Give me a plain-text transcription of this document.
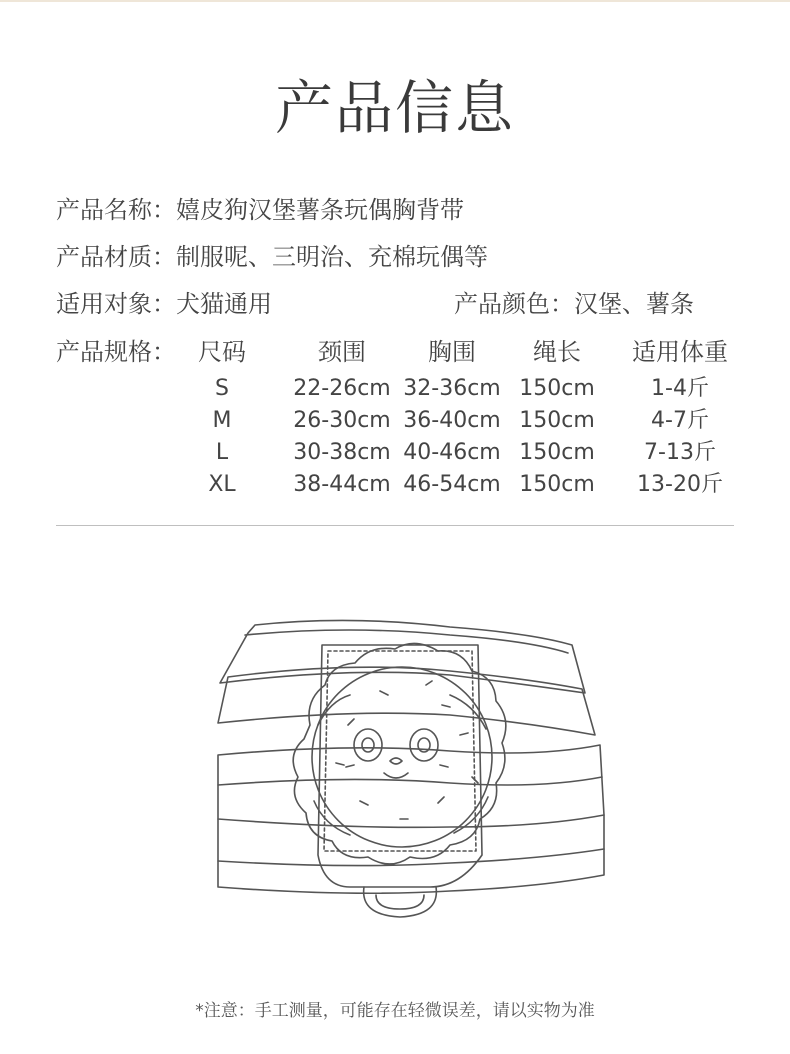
产品信息
产品名称：嬉皮狗汉堡薯条玩偶胸背带
产品材质：制服呢、三明治、充棉玩偶等
适用对象：犬猫通用	产品颜色：汉堡、薯条
产品规格： 尺码	颈围	胸围	绳长	适用体重
S	22-26cm 32-36cm 150cm	1-4斤
M	26-30cm 36-40cm 150cm	4-7斤
L	30-38cm 40-46cm 150cm	7-13斤
XL	38-44cm 46-54cm 150cm	13-20斤
*注意：手工测量，可能存在轻微误差，请以实物为准
